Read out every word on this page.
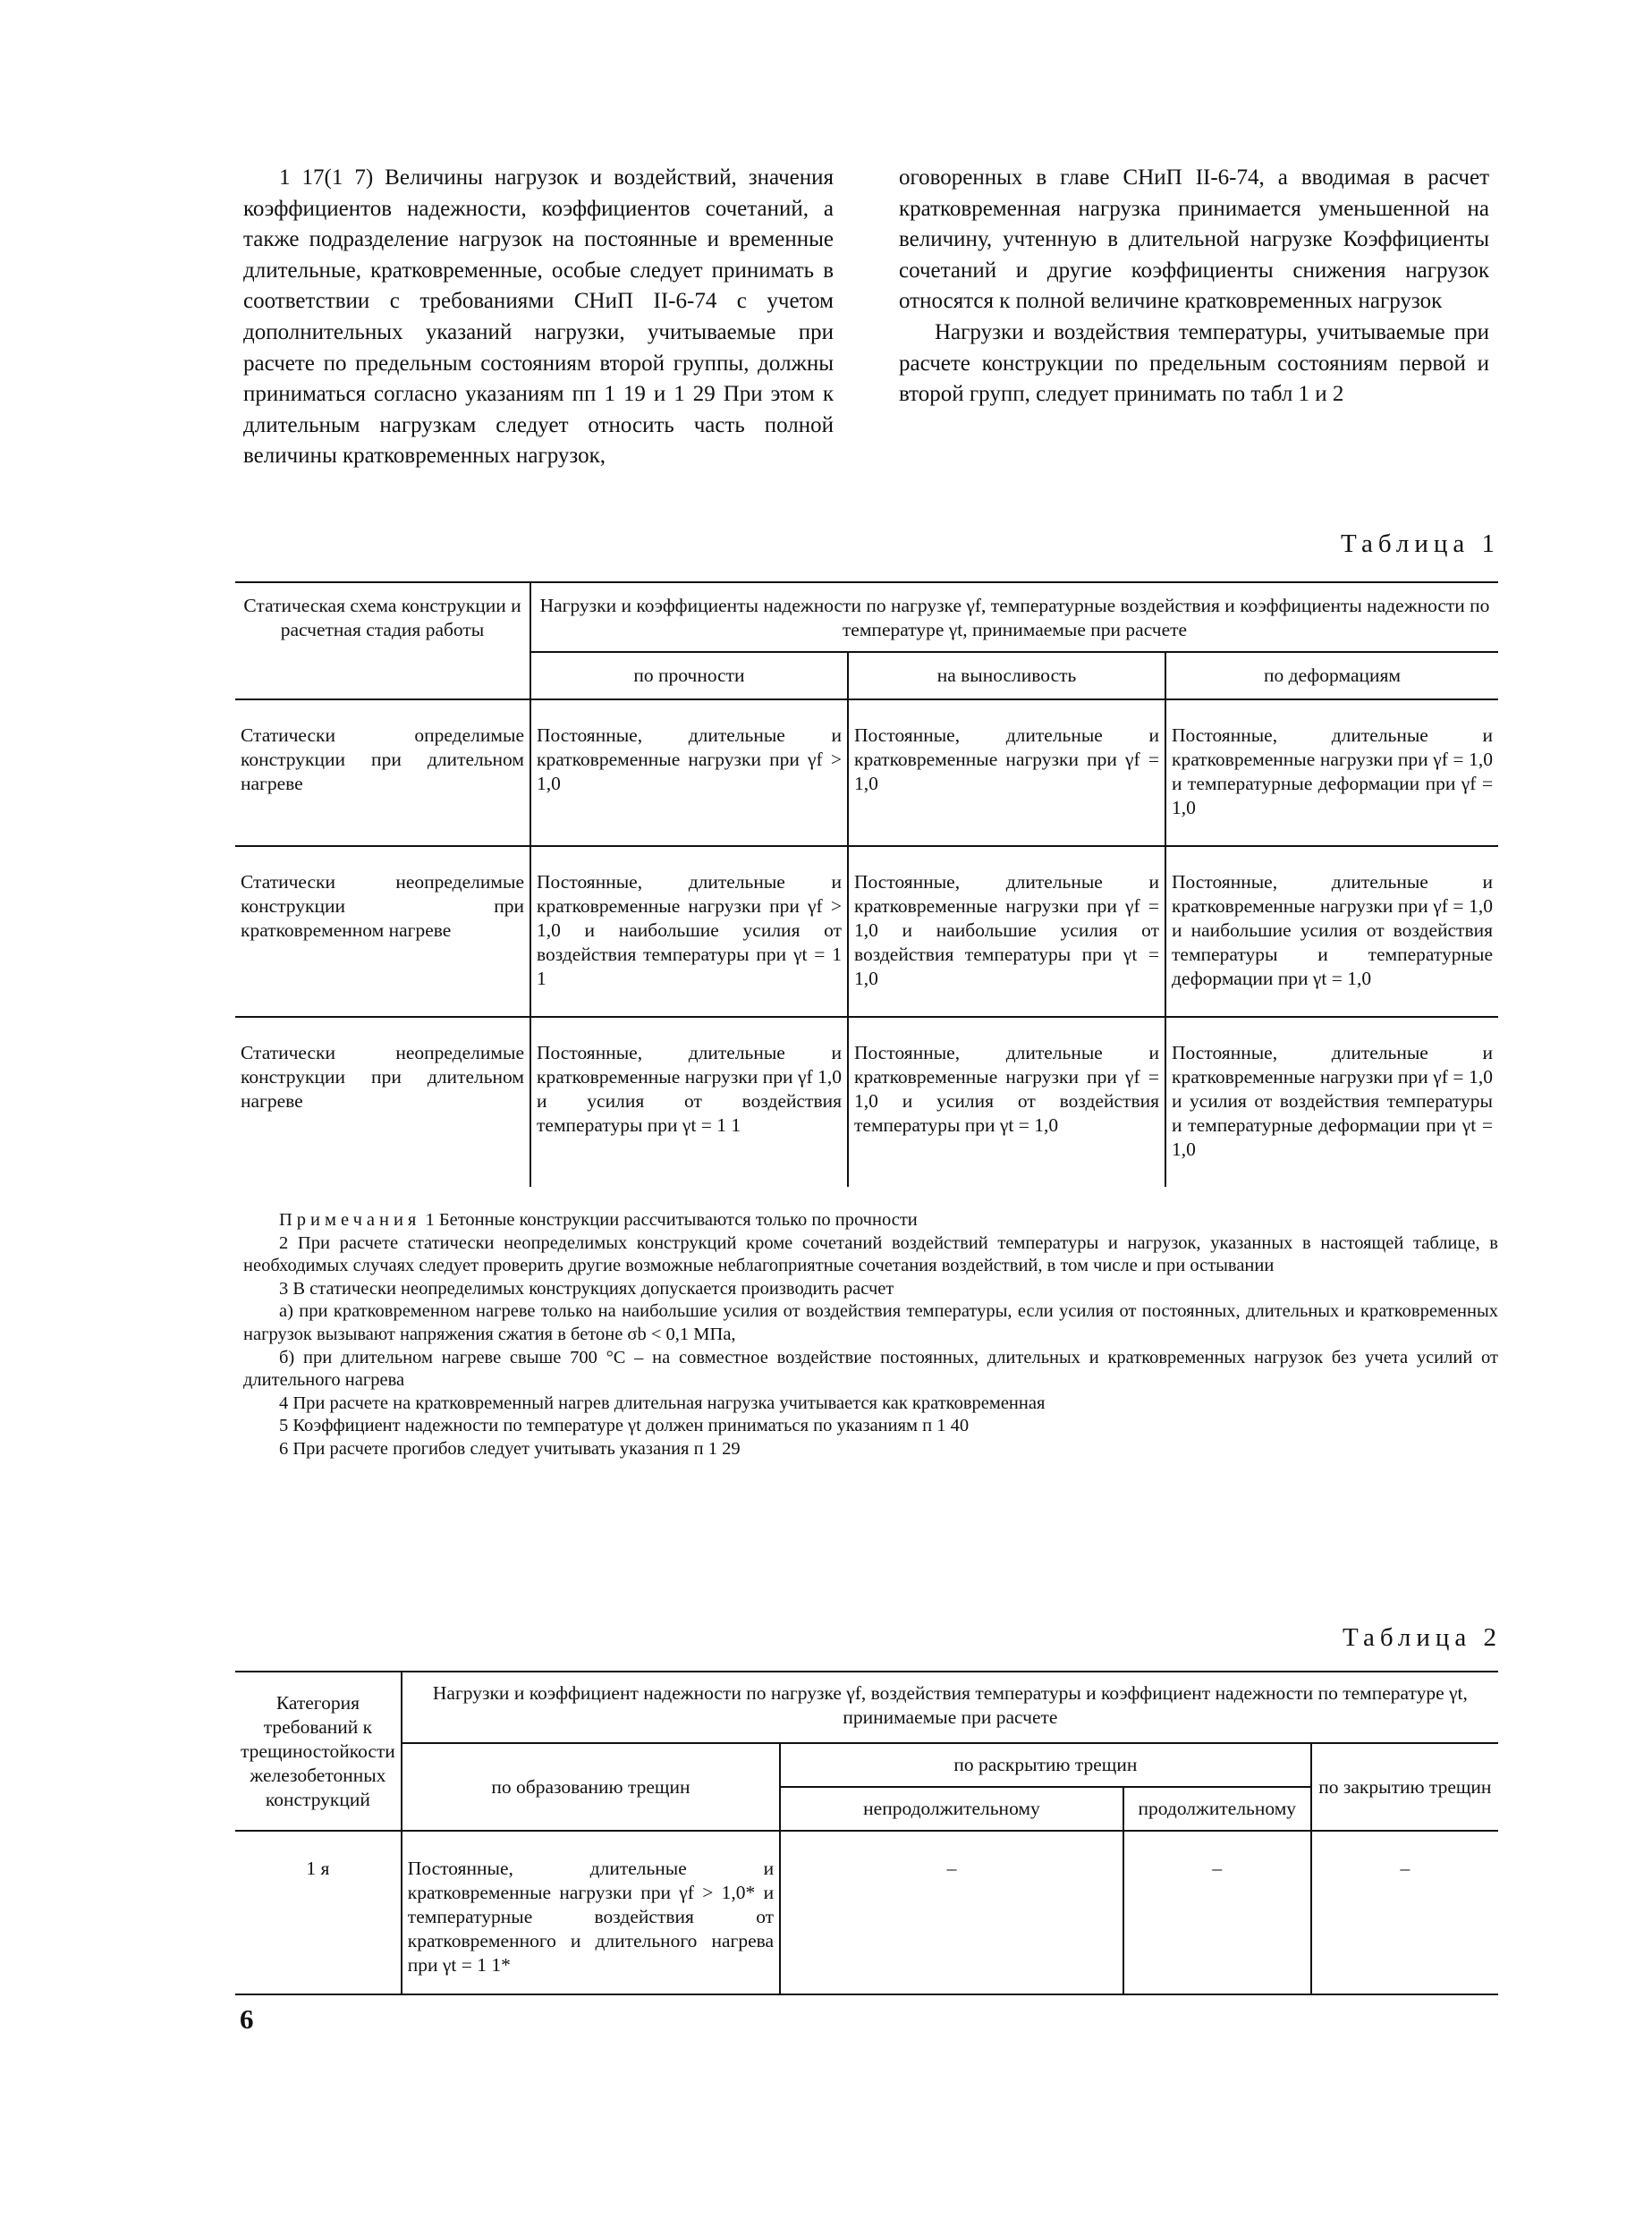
1 17(1 7) Величины нагрузок и воздействий, значения коэффициентов надежности, коэффициентов сочетаний, а также подразделение нагрузок на постоянные и временные длительные, кратковременные, особые следует принимать в соответствии с требованиями СНиП II-6-74 с учетом дополнительных указаний нагрузки, учитываемые при расчете по предельным состояниям второй группы, должны приниматься согласно указаниям пп 1 19 и 1 29 При этом к длительным нагрузкам следует относить часть полной величины кратковременных нагрузок,

оговоренных в главе СНиП II-6-74, а вводимая в расчет кратковременная нагрузка принимается уменьшенной на величину, учтенную в длительной нагрузке Коэффициенты сочетаний и другие коэффициенты снижения нагрузок относятся к полной величине кратковременных нагрузок

Нагрузки и воздействия температуры, учитываемые при расчете конструкции по предельным состояниям первой и второй групп, следует принимать по табл 1 и 2

Таблица 1
Статическая схема конструкции и расчетная стадия работы	Нагрузки и коэффициенты надежности по нагрузке γf, температурные воздействия и коэффициенты надежности по температуре γt, принимаемые при расчете		
	по прочности	на выносливость	по деформациям
Статически определимые конструкции при длительном нагреве	Постоянные, длительные и кратковременные нагрузки при γf > 1,0	Постоянные, длительные и кратковременные нагрузки при γf = 1,0	Постоянные, длительные и кратковременные нагрузки при γf = 1,0 и температурные деформации при γf = 1,0
Статически неопределимые конструкции при кратковременном нагреве	Постоянные, длительные и кратковременные нагрузки при γf > 1,0 и наибольшие усилия от воздействия температуры при γt = 1 1	Постоянные, длительные и кратковременные нагрузки при γf = 1,0 и наибольшие усилия от воздействия температуры при γt = 1,0	Постоянные, длительные и кратковременные нагрузки при γf = 1,0 и наибольшие усилия от воздействия температуры и температурные деформации при γt = 1,0
Статически неопределимые конструкции при длительном нагреве	Постоянные, длительные и кратковременные нагрузки при γf 1,0 и усилия от воздействия температуры при γt = 1 1	Постоянные, длительные и кратковременные нагрузки при γf = 1,0 и усилия от воздействия температуры при γt = 1,0	Постоянные, длительные и кратковременные нагрузки при γf = 1,0 и усилия от воздействия температуры и температурные деформации при γt = 1,0

Примечания 1 Бетонные конструкции рассчитываются только по прочности

2 При расчете статически неопределимых конструкций кроме сочетаний воздействий температуры и нагрузок, указанных в настоящей таблице, в необходимых случаях следует проверить другие возможные неблагоприятные сочетания воздействий, в том числе и при остывании

3 В статически неопределимых конструкциях допускается производить расчет

а) при кратковременном нагреве только на наибольшие усилия от воздействия температуры, если усилия от постоянных, длительных и кратковременных нагрузок вызывают напряжения сжатия в бетоне σb < 0,1 МПа,

б) при длительном нагреве свыше 700 °С – на совместное воздействие постоянных, длительных и кратковременных нагрузок без учета усилий от длительного нагрева

4 При расчете на кратковременный нагрев длительная нагрузка учитывается как кратковременная

5 Коэффициент надежности по температуре γt должен приниматься по указаниям п 1 40

6 При расчете прогибов следует учитывать указания п 1 29

Таблица 2
Категория требований к трещиностойкости железобетонных конструкций	Нагрузки и коэффициент надежности по нагрузке γf, воздействия температуры и коэффициент надежности по температуре γt, принимаемые при расчете			
	по образованию трещин	по раскрытию трещин		по закрытию трещин
		непродолжительному	продолжительному	
1 я	Постоянные, длительные и кратковременные нагрузки при γf > 1,0* и температурные воздействия от кратковременного и длительного нагрева при γt = 1 1*	–	–	–
6
